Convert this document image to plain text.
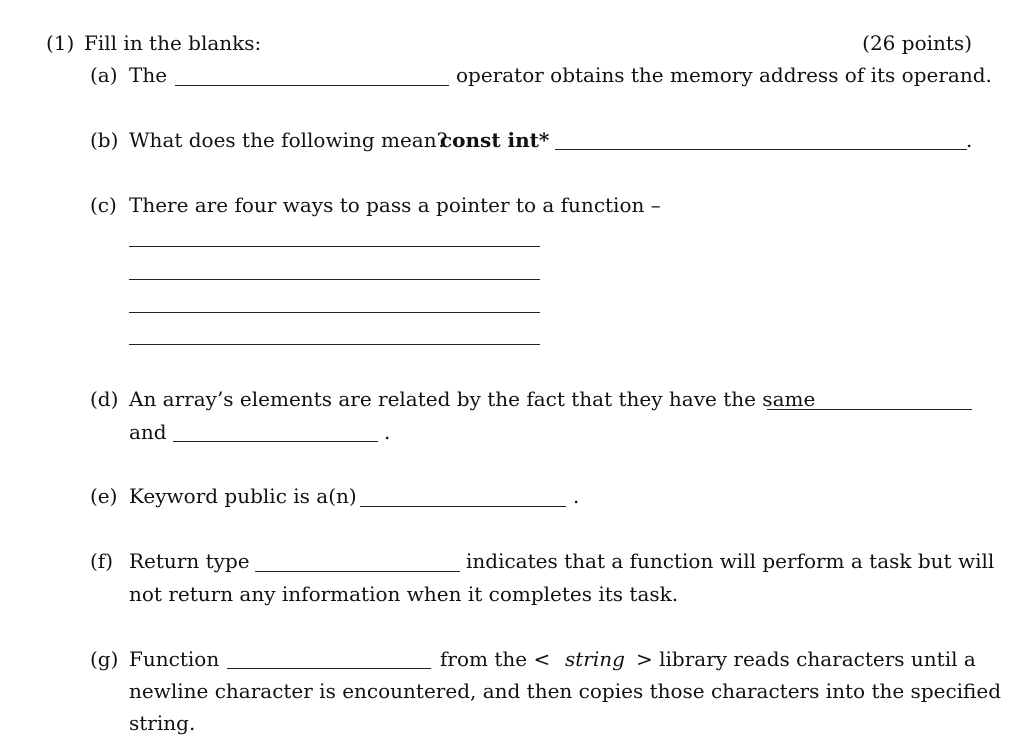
(1) Fill in the blanks:	(26 points)
(a) The	operator obtains the memory address of its operand.
(b) What does the following mean?
const int*	.
(c) There are four ways to pass a pointer to a function –
(d) An array’s elements are related by the fact that they have the same
and	.
(e) Keyword public is a(n)	.
(f) Return type	indicates that a function will perform a task but will
not return any information when it completes its task.
(g) Function	from the < string > library reads characters until a
newline character is encountered, and then copies those characters into the specified
string.
